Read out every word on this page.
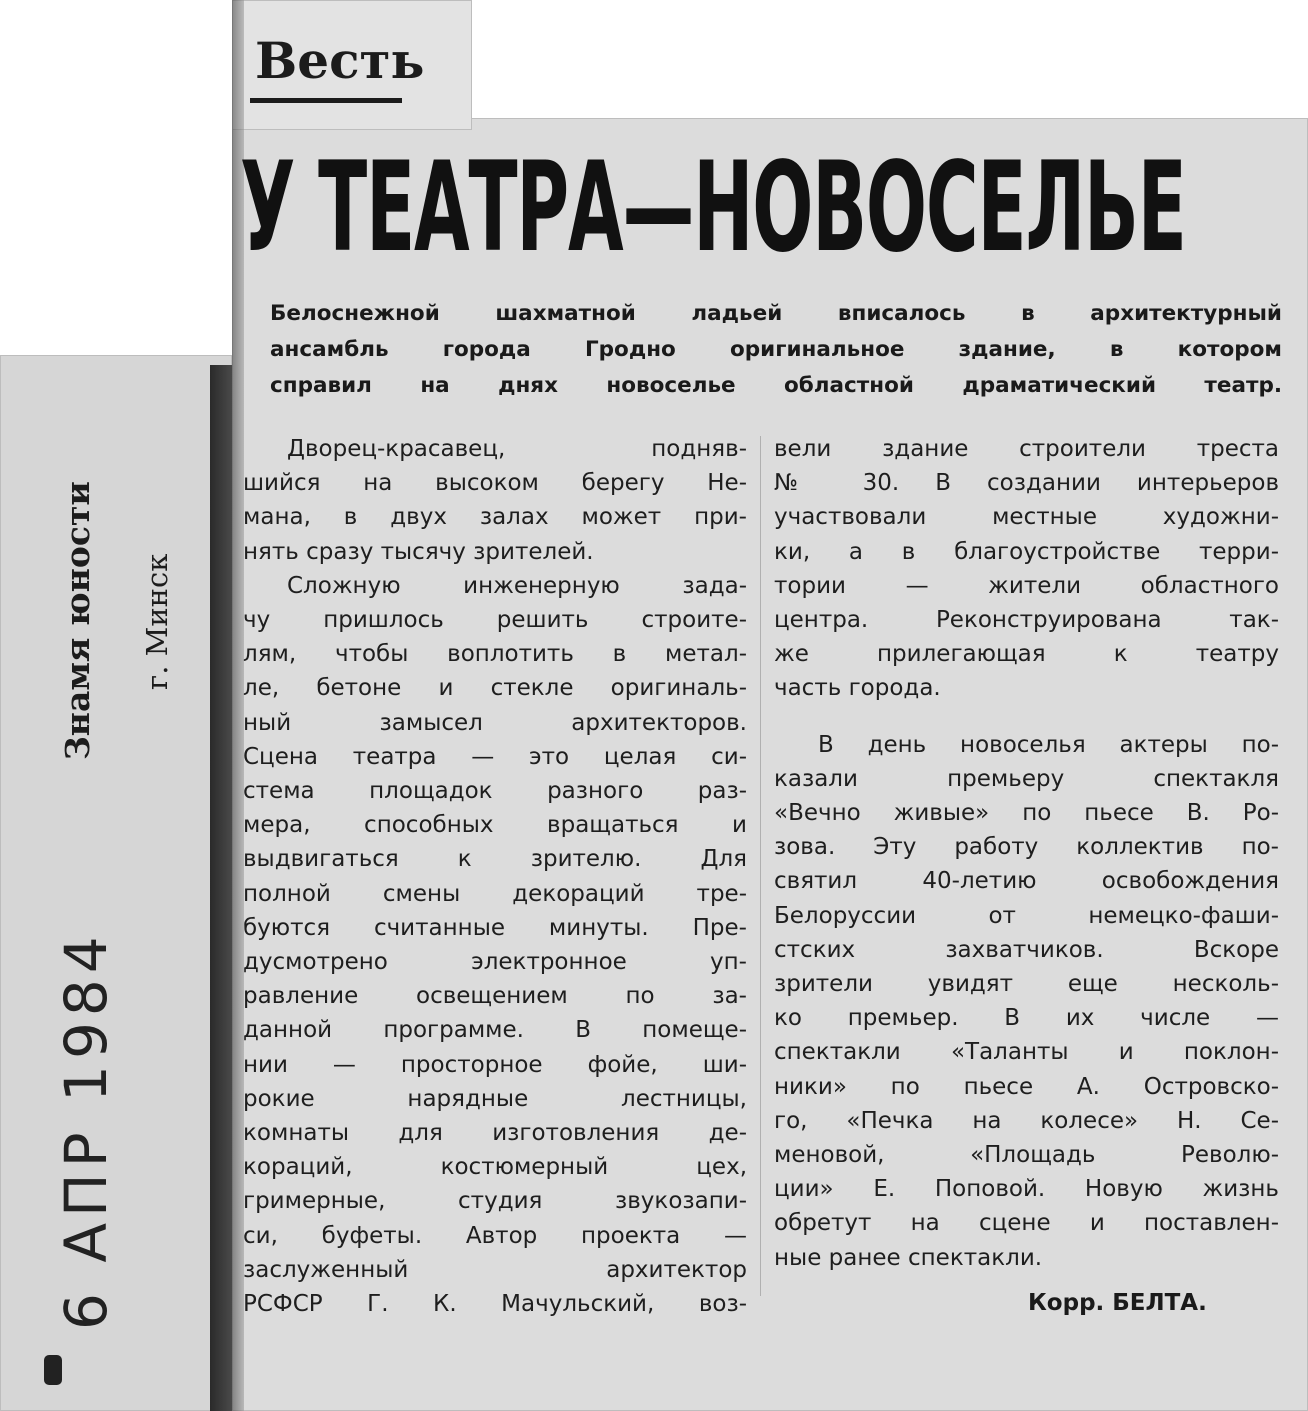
Весть
У ТЕАТРА—НОВОСЕЛЬЕ
Белоснежной шахматной ладьей вписалось в архитектурный
ансамбль города Гродно оригинальное здание, в котором
справил на днях новоселье областной драматический театр.
Дворец-красавец, подняв-
шийся на высоком берегу Не-
мана, в двух залах может при-
нять сразу тысячу зрителей.
Сложную инженерную зада-
чу пришлось решить строите-
лям, чтобы воплотить в метал-
ле, бетоне и стекле оригиналь-
ный замысел архитекторов.
Сцена театра — это целая си-
стема площадок разного раз-
мера, способных вращаться и
выдвигаться к зрителю. Для
полной смены декораций тре-
буются считанные минуты. Пре-
дусмотрено электронное уп-
равление освещением по за-
данной программе. В помеще-
нии — просторное фойе, ши-
рокие нарядные лестницы,
комнаты для изготовления де-
кораций, костюмерный цех,
гримерные, студия звукозапи-
си, буфеты. Автор проекта —
заслуженный архитектор
РСФСР Г. К. Мачульский, воз-
вели здание строители треста
№ 30. В создании интерьеров
участвовали местные художни-
ки, а в благоустройстве терри-
тории — жители областного
центра. Реконструирована так-
же прилегающая к театру
часть города.
В день новоселья актеры по-
казали премьеру спектакля
«Вечно живые» по пьесе В. Ро-
зова. Эту работу коллектив по-
святил 40-летию освобождения
Белоруссии от немецко-фаши-
стских захватчиков. Вскоре
зрители увидят еще несколь-
ко премьер. В их числе —
спектакли «Таланты и поклон-
ники» по пьесе А. Островско-
го, «Печка на колесе» Н. Се-
меновой, «Площадь Револю-
ции» Е. Поповой. Новую жизнь
обретут на сцене и поставлен-
ные ранее спектакли.
Корр. БЕЛТА.
Знамя юности г. Минск
6 АПР 1984
